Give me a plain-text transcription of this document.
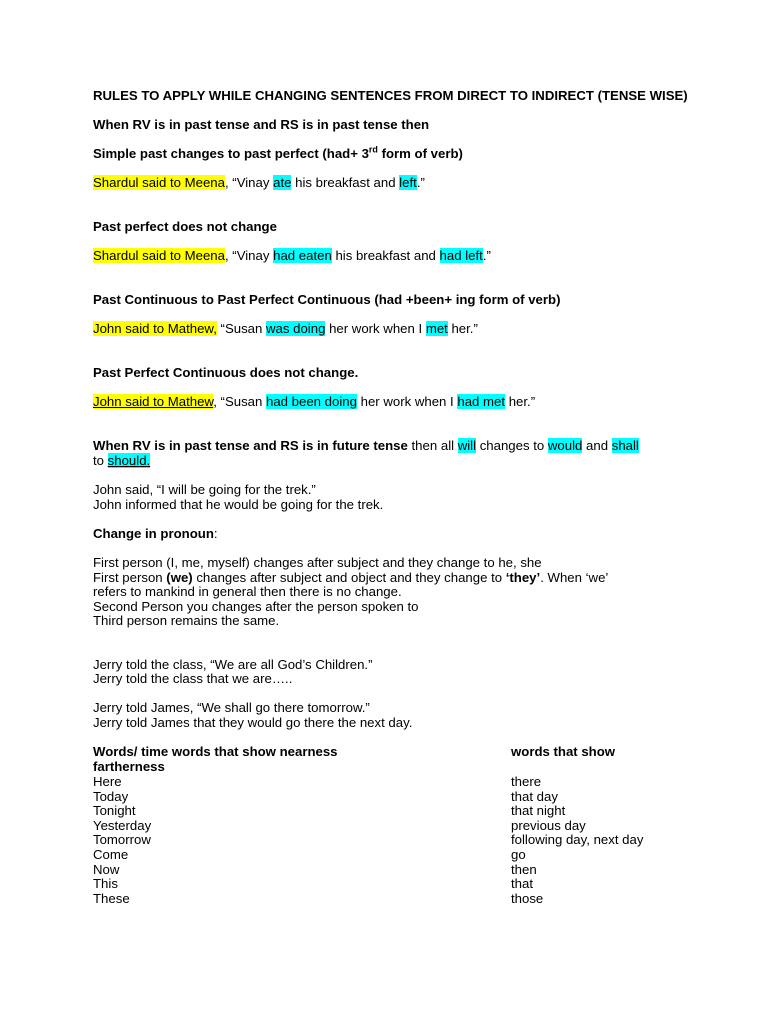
RULES TO APPLY WHILE CHANGING SENTENCES FROM DIRECT TO INDIRECT (TENSE WISE)
When RV is in past tense and RS is in past tense then
Simple past changes to past perfect (had+ 3rd form of verb)
Shardul said to Meena, “Vinay ate his breakfast and left.”
Past perfect does not change
Shardul said to Meena, “Vinay had eaten his breakfast and had left.”
Past Continuous to Past Perfect Continuous (had +been+ ing form of verb)
John said to Mathew, “Susan was doing her work when I met her.”
Past Perfect Continuous does not change.
John said to Mathew, “Susan had been doing her work when I had met her.”
When RV is in past tense and RS is in future tense then all will changes to would and shall
to should.
John said, “I will be going for the trek.”
John informed that he would be going for the trek.
Change in pronoun:
First person (I, me, myself) changes after subject and they change to he, she
First person (we) changes after subject and object and they change to ‘they’. When ‘we’
refers to mankind in general then there is no change.
Second Person you changes after the person spoken to
Third person remains the same.
Jerry told the class, “We are all God’s Children.”
Jerry told the class that we are…..
Jerry told James, “We shall go there tomorrow.”
Jerry told James that they would go there the next day.
Words/ time words that show nearness	words that show
fartherness
Here
Today
Tonight
Yesterday
Tomorrow
Come
Now
This
These
there
that day
that night
previous day
following day, next day
go
then
that
those
